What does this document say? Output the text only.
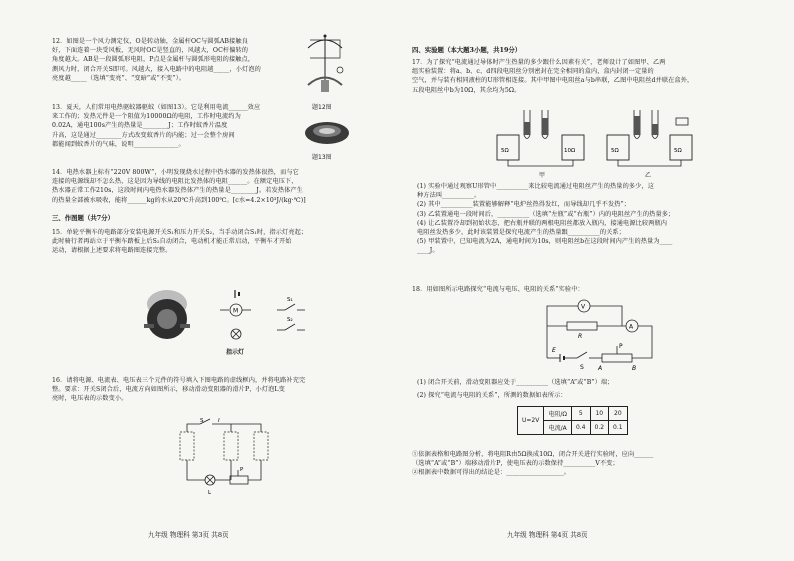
12．如图是一个风力测定仪，O是转动轴，金属杆OC与圆弧AB接触良
好，下面连着一块受风板，无风时OC是竖直的，风越大，OC杆偏转的
角度越大。AB是一段圆弧形电阻，P点是金属杆与圆弧形电阻的接触点，
测风力时，闭合开关S即可。风越大，接入电路中的电阻越_____，小灯泡的
亮度越_____（选填“变亮”、“变暗”或“不变”）。
题12图
13．夏天，人们常用电热驱蚊器驱蚊（如图13）。它是利用电流______效应
来工作的；发热元件是一个阻值为10000Ω的电阻，工作时电流约为
0.02A，通电100s产生的热量是________J；工作时蚊香片温度
升高，这是通过________方式改变蚊香片的内能；过一会整个房间
都能闻到蚊香片的气味，说明______________。
题13图
14．电热水器上标有“220V 800W”，小明发现烧水过程中热水器的发热体很热，而与它
连接的电源线却不怎么热，这是因为导线的电阻比发热体的电阻______。在额定电压下，
热水器正常工作210s，这段时间内电热水器发热体产生的热量是________J。若发热体产生
的热量全部被水吸收，能将______kg的水从20℃升高到100℃。[c水=4.2×10³J/(kg·℃)]
三、作图题（共7分）
15．单轮平衡车的电路部分安装电源开关S₁和压力开关S₂，当手动闭合S₁时，指示灯亮起；
此时骑行者再站立于平衡车踏板上后S₂自动闭合，电动机才能正常启动，平衡车才开始
运动，请根据上述要求将电路图连接完整。
M
S₁
S₂
指示灯
16．请将电源、电流表、电压表三个元件的符号填入下图电路的虚线框内，并将电路补充完
整。要求：开关S闭合后，电流方向如图所示，移动滑动变阻器的滑片P，小灯泡L变
亮时，电压表的示数变小。
S	I
L
P
九年级 物理科 第3页 共8页
四、实验题（本大题3小题，共19分）
17．为了探究“电流通过导体时产生热量的多少跟什么因素有关”，老师设计了如图甲、乙两
组实验装置：将a、b、c、d四段电阻丝分别密封在完全相同的盒内，盒内封闭一定量的
空气，并与装有相同液柱的U形管相连接。其中甲图中电阻丝a与b串联，乙图中电阻丝d并联在盒外，
五段电阻丝中b为10Ω，其余均为5Ω。
5Ω	10Ω	5Ω	5Ω
甲	乙
(1) 实验中通过观察U形管中__________来比较电流通过电阻丝产生的热量的多少，这
种方法叫__________。
(2) 其中__________装置能够解释“电炉丝热得发红，而导线却几乎不发热”；
(3) 乙装置通电一段时间后，__________（选填“左瓶”或“右瓶”）内的电阻丝产生的热量多；
(4) 让乙装置冷却到初始状态，把右瓶并联的两根电阻丝都放入瓶内，接通电源比较两瓶内
电阻丝发热多少，此时该装置是探究电流产生的热量跟__________的关系；
(5) 甲装置中，已知电流为2A，通电时间为10s，则电阻丝b在这段时间内产生的热量为____
____J。
18．用如图所示电路探究“电流与电压、电阻的关系”实验中：
V
R
A
E
S
P
A	B
(1) 闭合开关前，滑动变阻器应处于__________（选填“A”或“B”）端；
(2) 探究“电流与电阻的关系”，所测的数据如表所示：
U=2V	电阻/Ω	5	10	20
	电流/A	0.4	0.2	0.1
①依据表格和电路图分析，将电阻R由5Ω换成10Ω，闭合开关进行实验时，应向______
（选填“A”或“B”）端移动滑片P，使电压表的示数保持__________V不变；
②根据表中数据可得出的结论是：__________________。
九年级 物理科 第4页 共8页
